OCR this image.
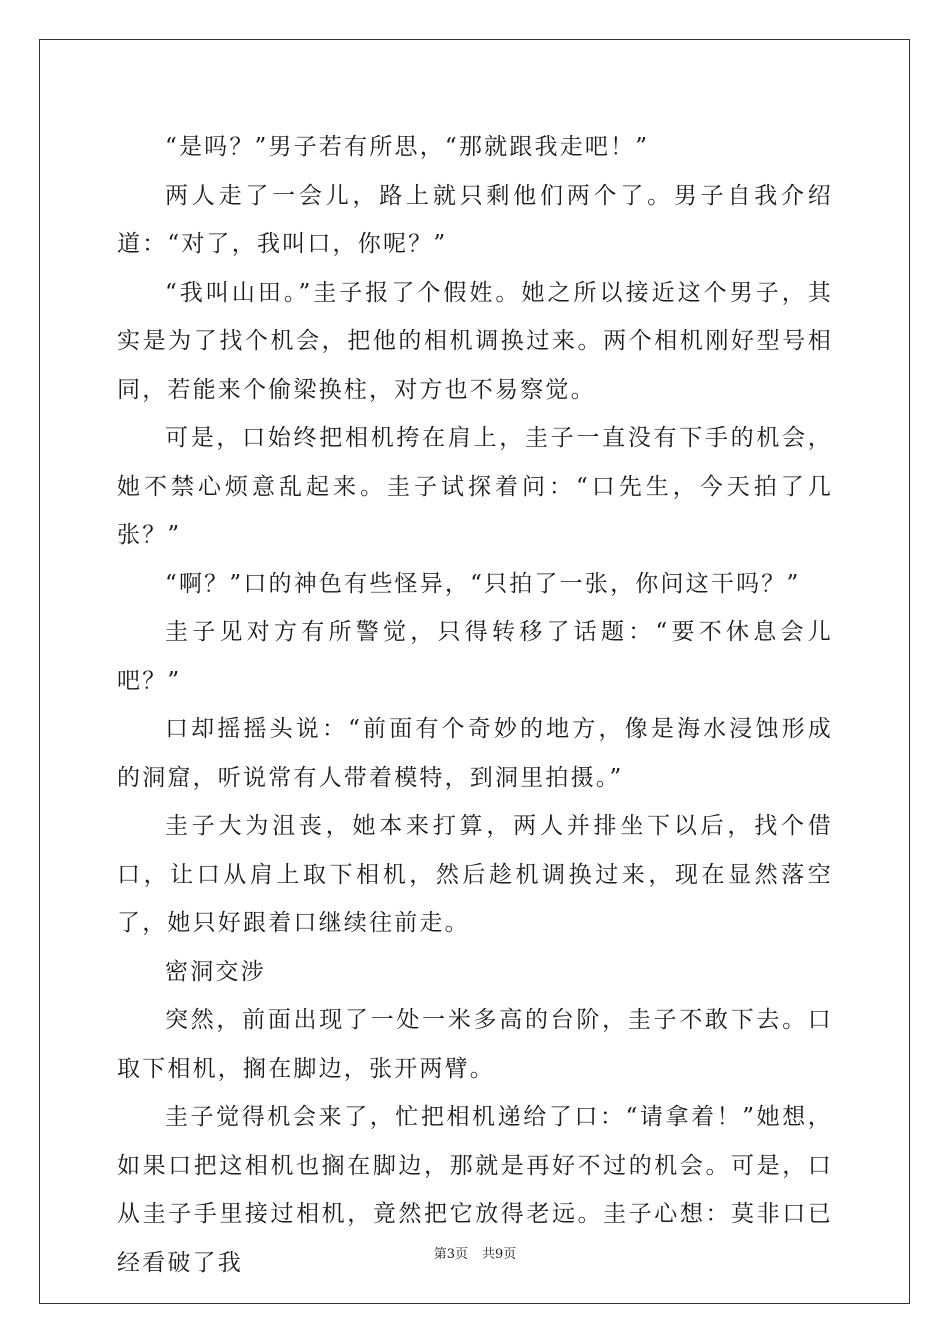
“是吗？”男子若有所思，“那就跟我走吧！”

两人走了一会儿，路上就只剩他们两个了。男子自我介绍道：“对了，我叫口，你呢？”

“我叫山田。”圭子报了个假姓。她之所以接近这个男子，其实是为了找个机会，把他的相机调换过来。两个相机刚好型号相同，若能来个偷梁换柱，对方也不易察觉。

可是，口始终把相机挎在肩上，圭子一直没有下手的机会，她不禁心烦意乱起来。圭子试探着问：“口先生，今天拍了几张？”

“啊？”口的神色有些怪异，“只拍了一张，你问这干吗？”

圭子见对方有所警觉，只得转移了话题：“要不休息会儿吧？”

口却摇摇头说：“前面有个奇妙的地方，像是海水浸蚀形成的洞窟，听说常有人带着模特，到洞里拍摄。”

圭子大为沮丧，她本来打算，两人并排坐下以后，找个借口，让口从肩上取下相机，然后趁机调换过来，现在显然落空了，她只好跟着口继续往前走。

密洞交涉

突然，前面出现了一处一米多高的台阶，圭子不敢下去。口取下相机，搁在脚边，张开两臂。

圭子觉得机会来了，忙把相机递给了口：“请拿着！”她想，如果口把这相机也搁在脚边，那就是再好不过的机会。可是，口从圭子手里接过相机，竟然把它放得老远。圭子心想：莫非口已经看破了我	第3页 共9页
